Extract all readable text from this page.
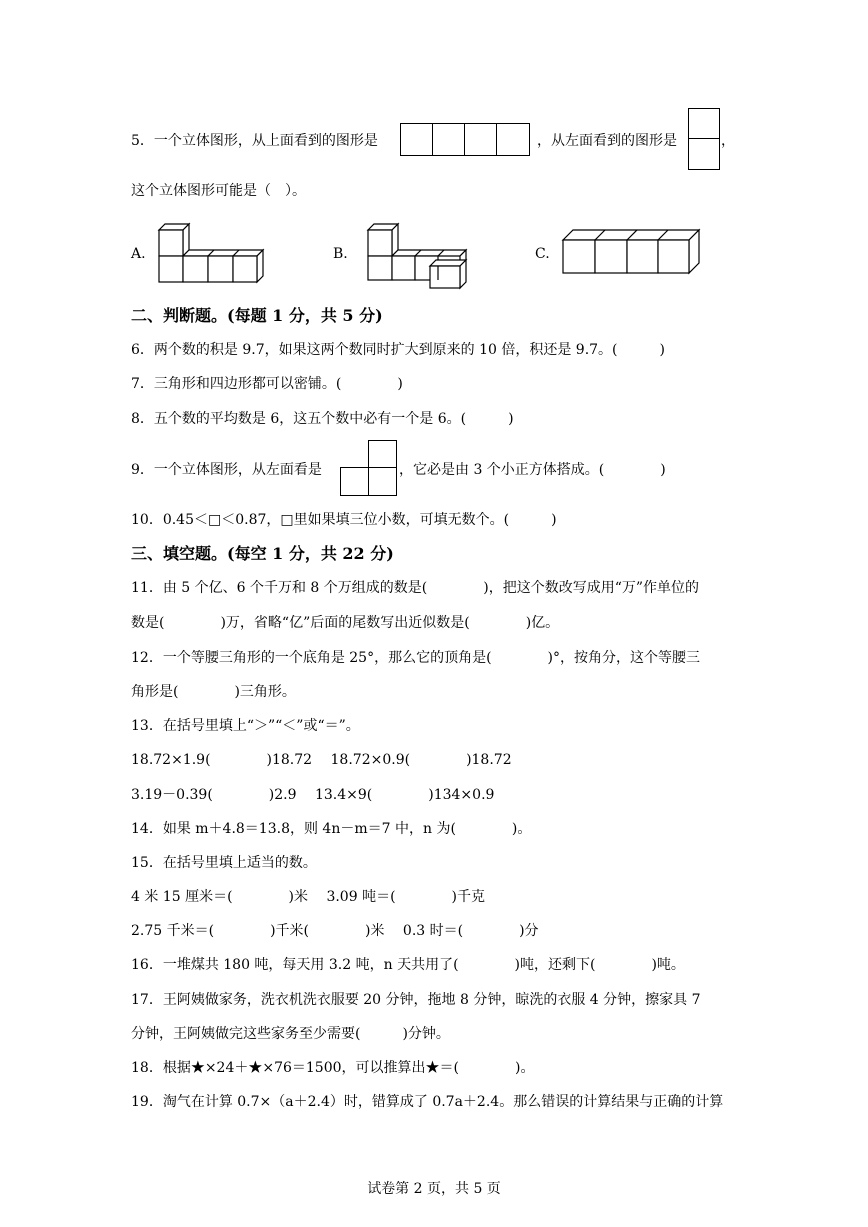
5．一个立体图形，从上面看到的图形是	，从左面看到的图形是	，
这个立体图形可能是（　）。
A.	B.	C.
二、判断题。(每题 1 分，共 5 分)
6．两个数的积是 9.7，如果这两个数同时扩大到原来的 10 倍，积还是 9.7。(　　　)
7．三角形和四边形都可以密铺。(　　　　)
8．五个数的平均数是 6，这五个数中必有一个是 6。(　　　)
9．一个立体图形，从左面看是	，它必是由 3 个小正方体搭成。(　　　　)
10．0.45＜□＜0.87，□里如果填三位小数，可填无数个。(　　　)
三、填空题。(每空 1 分，共 22 分)
11．由 5 个亿、6 个千万和 8 个万组成的数是(　　　　)，把这个数改写成用“万”作单位的
数是(　　　　)万，省略“亿”后面的尾数写出近似数是(　　　　)亿。
12．一个等腰三角形的一个底角是 25°，那么它的顶角是(　　　　)°，按角分，这个等腰三
角形是(　　　　)三角形。
13．在括号里填上“＞”“＜”或“＝”。
18.72×1.9(　　　　)18.72　 18.72×0.9(　　　　)18.72
3.19－0.39(　　　　)2.9　 13.4×9(　　　　)134×0.9
14．如果 m＋4.8＝13.8，则 4n－m＝7 中，n 为(　　　　)。
15．在括号里填上适当的数。
4 米 15 厘米＝(　　　　)米　 3.09 吨＝(　　　　)千克
2.75 千米＝(　　　　)千米(　　　　)米　 0.3 时＝(　　　　)分
16．一堆煤共 180 吨，每天用 3.2 吨，n 天共用了(　　　　)吨，还剩下(　　　　)吨。
17．王阿姨做家务，洗衣机洗衣服要 20 分钟，拖地 8 分钟，晾洗的衣服 4 分钟，擦家具 7
分钟，王阿姨做完这些家务至少需要(　　　)分钟。
18．根据★×24＋★×76＝1500，可以推算出★＝(　　　　)。
19．淘气在计算 0.7×（a＋2.4）时，错算成了 0.7a＋2.4。那么错误的计算结果与正确的计算
试卷第 2 页，共 5 页
